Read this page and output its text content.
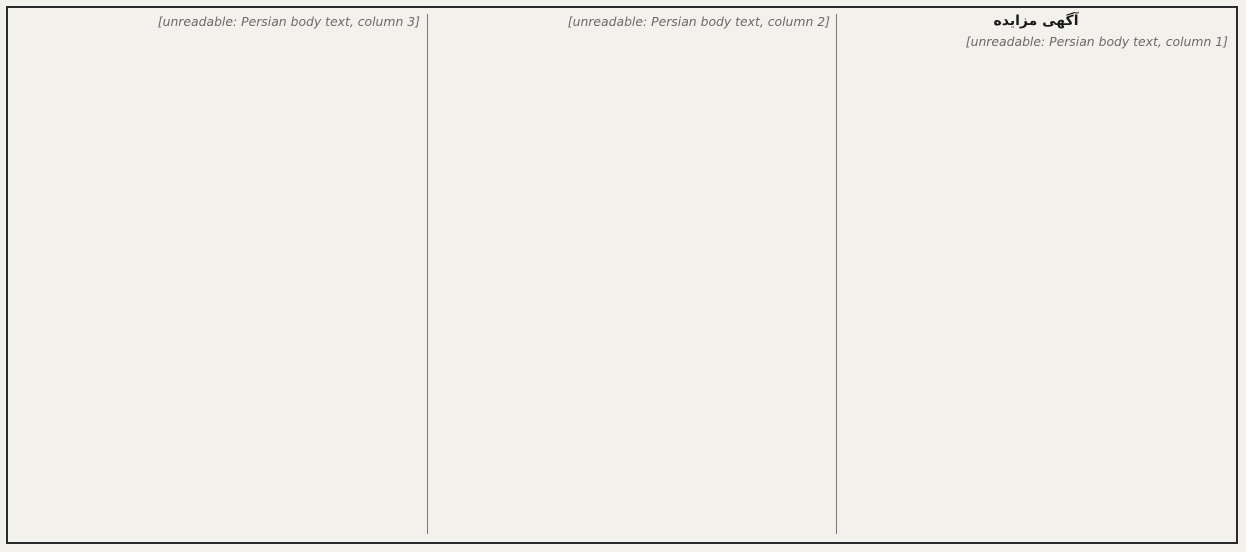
آگهی مزایده
[unreadable: Persian body text, column 1]
[unreadable: Persian body text, column 2]
[unreadable: Persian body text, column 3]
